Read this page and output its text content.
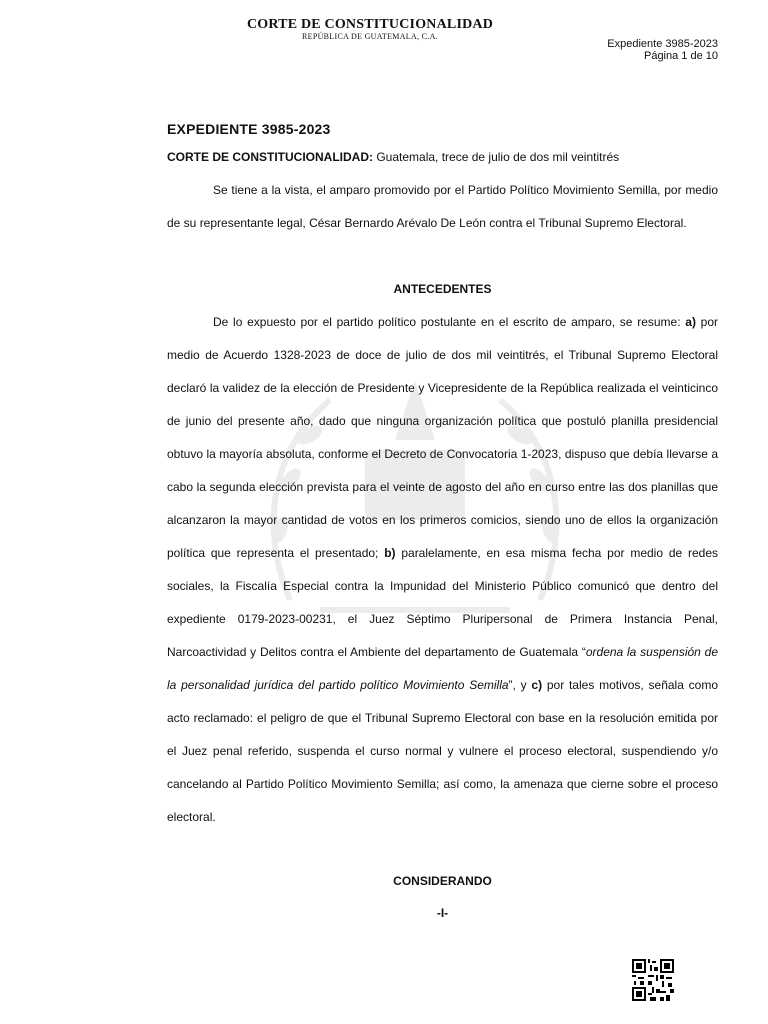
CORTE DE CONSTITUCIONALIDAD
REPÚBLICA DE GUATEMALA, C.A.
Expediente 3985-2023
Página 1 de 10
EXPEDIENTE 3985-2023
CORTE DE CONSTITUCIONALIDAD: Guatemala, trece de julio de dos mil veintitrés
Se tiene a la vista, el amparo promovido por el Partido Político Movimiento Semilla, por medio de su representante legal, César Bernardo Arévalo De León contra el Tribunal Supremo Electoral.
ANTECEDENTES
De lo expuesto por el partido político postulante en el escrito de amparo, se resume: a) por medio de Acuerdo 1328-2023 de doce de julio de dos mil veintitrés, el Tribunal Supremo Electoral declaró la validez de la elección de Presidente y Vicepresidente de la República realizada el veinticinco de junio del presente año, dado que ninguna organización política que postuló planilla presidencial obtuvo la mayoría absoluta, conforme el Decreto de Convocatoria 1-2023, dispuso que debía llevarse a cabo la segunda elección prevista para el veinte de agosto del año en curso entre las dos planillas que alcanzaron la mayor cantidad de votos en los primeros comicios, siendo uno de ellos la organización política que representa el presentado; b) paralelamente, en esa misma fecha por medio de redes sociales, la Fiscalía Especial contra la Impunidad del Ministerio Público comunicó que dentro del expediente 0179-2023-00231, el Juez Séptimo Pluripersonal de Primera Instancia Penal, Narcoactividad y Delitos contra el Ambiente del departamento de Guatemala “ordena la suspensión de la personalidad jurídica del partido político Movimiento Semilla”, y c) por tales motivos, señala como acto reclamado: el peligro de que el Tribunal Supremo Electoral con base en la resolución emitida por el Juez penal referido, suspenda el curso normal y vulnere el proceso electoral, suspendiendo y/o cancelando al Partido Político Movimiento Semilla; así como, la amenaza que cierne sobre el proceso electoral.
CONSIDERANDO
-I-
